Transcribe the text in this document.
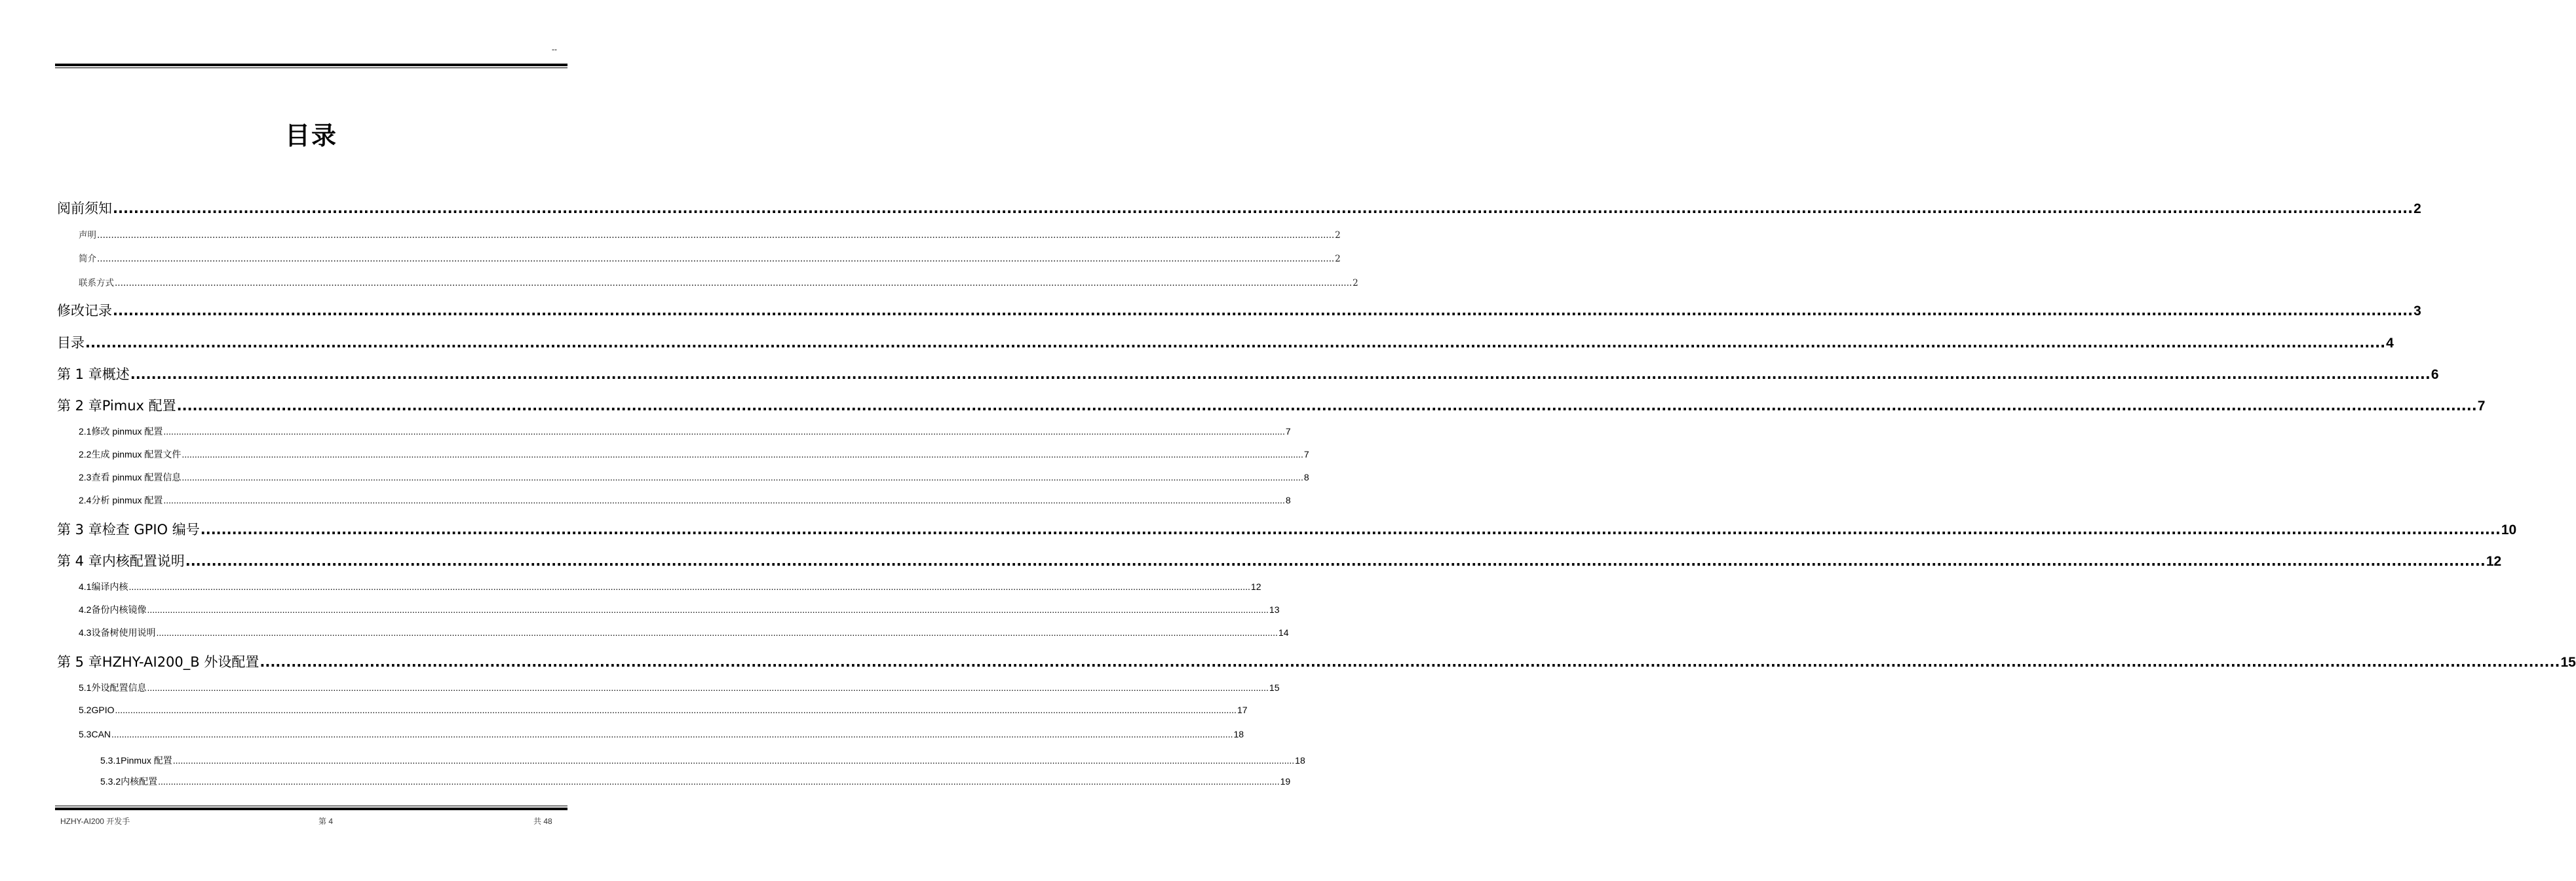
--
目录
阅前须知 .....	2
声明 .....	2
简介 .....	2
联系方式 .....	2
修改记录 .....	3
目录 .....	4
第 1 章 概述 .....	6
第 2 章 Pimux 配置 .....	7
2.1 修改 pinmux 配置 .....	7
2.2 生成 pinmux 配置文件 .....	7
2.3 查看 pinmux 配置信息 .....	8
2.4 分析 pinmux 配置 .....	8
第 3 章 检查 GPIO 编号 .....	10
第 4 章 内核配置说明 .....	12
4.1 编译内核 .....	12
4.2 备份内核镜像 .....	13
4.3 设备树使用说明 .....	14
第 5 章 HZHY-AI200_B 外设配置 .....	15
5.1 外设配置信息 .....	15
5.2 GPIO .....	17
5.3 CAN .....	18
5.3.1 Pinmux 配置 .....	18
5.3.2 内核配置 .....	19
HZHY-AI200 开发手	第 4	共 48
